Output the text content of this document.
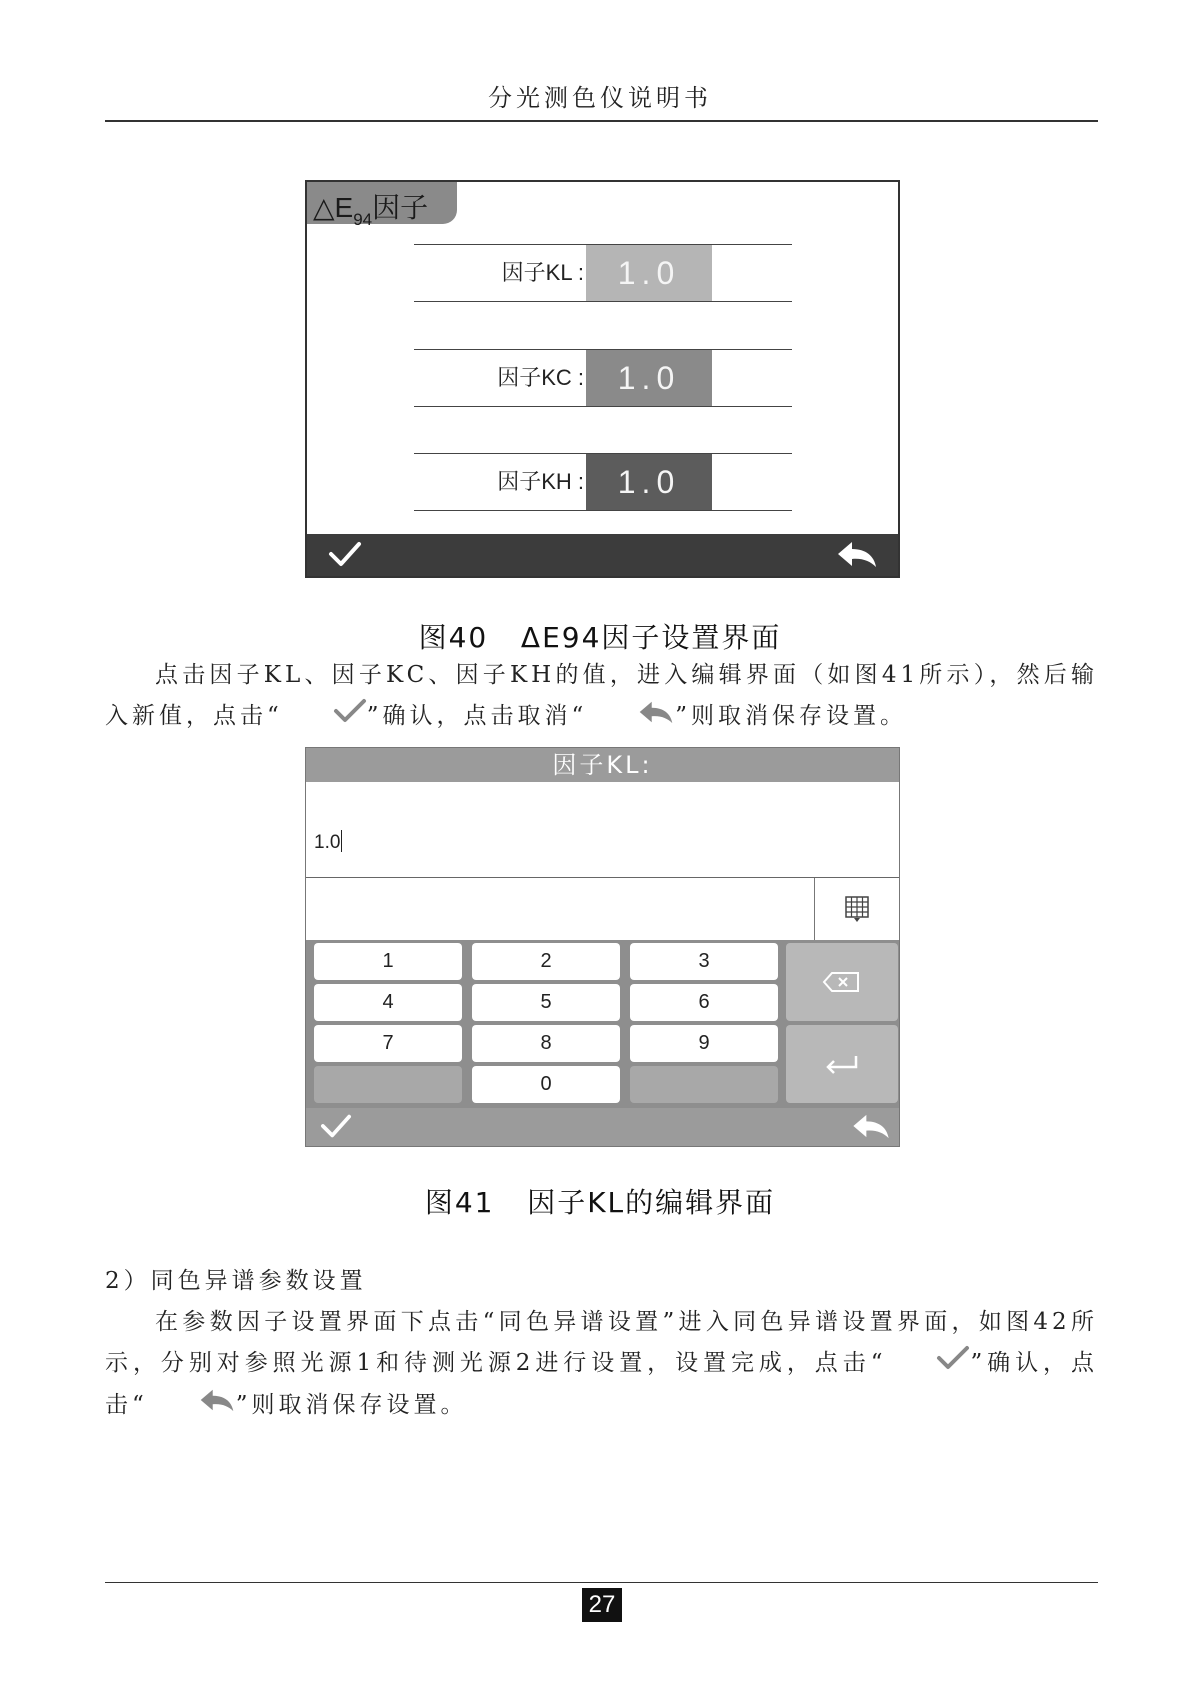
分光测色仪说明书
$\triangle E_{94}$因子
因子KL :	1.0
因子KC :	1.0
因子KH :	1.0
图40 ΔE94因子设置界面
点击因子KL、因子KC、因子KH的值，进入编辑界面（如图41所示），然后输入新值，点击“	”确认，点击取消“	”则取消保存设置。
因子KL:
1.0
1	2	3
4	5	6
7	8	9
0
图41 因子KL的编辑界面
2）同色异谱参数设置
在参数因子设置界面下点击“同色异谱设置”进入同色异谱设置界面，如图42所示，分别对参照光源1和待测光源2进行设置，设置完成，点击“	”确认，点击“	”则取消保存设置。
27
